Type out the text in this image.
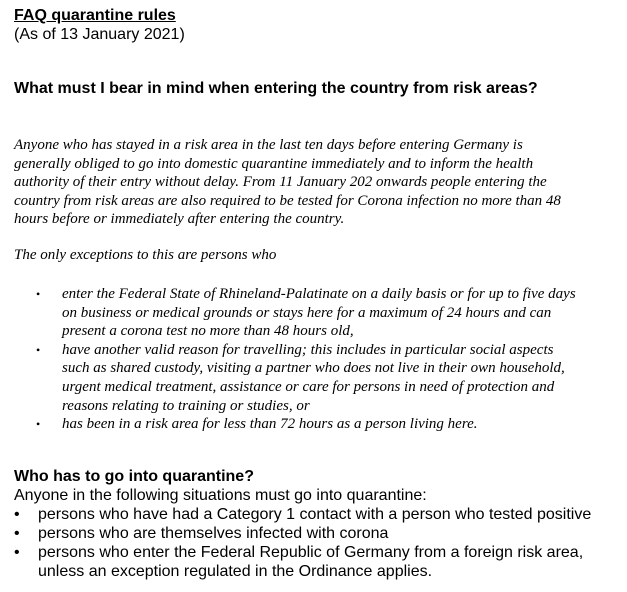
FAQ quarantine rules
(As of 13 January 2021)
What must I bear in mind when entering the country from risk areas?
Anyone who has stayed in a risk area in the last ten days before entering Germany is
generally obliged to go into domestic quarantine immediately and to inform the health
authority of their entry without delay. From 11 January 202 onwards people entering the
country from risk areas are also required to be tested for Corona infection no more than 48
hours before or immediately after entering the country.
The only exceptions to this are persons who
• enter the Federal State of Rhineland-Palatinate on a daily basis or for up to five days
on business or medical grounds or stays here for a maximum of 24 hours and can
present a corona test no more than 48 hours old,
• have another valid reason for travelling; this includes in particular social aspects
such as shared custody, visiting a partner who does not live in their own household,
urgent medical treatment, assistance or care for persons in need of protection and
reasons relating to training or studies, or
• has been in a risk area for less than 72 hours as a person living here.
Who has to go into quarantine?
Anyone in the following situations must go into quarantine:
• persons who have had a Category 1 contact with a person who tested positive
• persons who are themselves infected with corona
• persons who enter the Federal Republic of Germany from a foreign risk area,
unless an exception regulated in the Ordinance applies.
